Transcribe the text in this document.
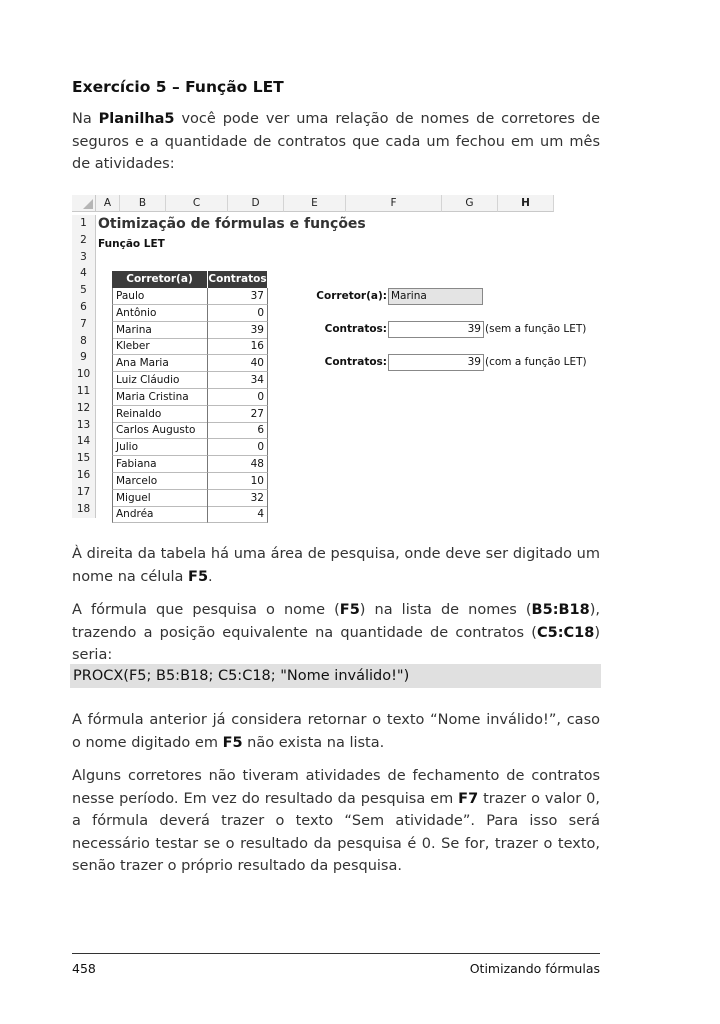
Exercício 5 – Função LET
Na Planilha5 você pode ver uma relação de nomes de corretores de seguros e a quantidade de contratos que cada um fechou em um mês de atividades:
A	B	C	D	E	F	G	H
1
2
3
4
5
6
7
8
9
10
11
12
13
14
15
16
17
18
Otimização de fórmulas e funções
Função LET
Corretor(a)	Contratos
Paulo	37
Antônio	0
Marina	39
Kleber	16
Ana Maria	40
Luiz Cláudio	34
Maria Cristina	0
Reinaldo	27
Carlos Augusto	6
Julio	0
Fabiana	48
Marcelo	10
Miguel	32
Andréa	4
Corretor(a): Marina
Contratos:	39 (sem a função LET)
Contratos:	39 (com a função LET)
À direita da tabela há uma área de pesquisa, onde deve ser digitado um nome na célula F5.
A fórmula que pesquisa o nome (F5) na lista de nomes (B5:B18), trazendo a posição equivalente na quantidade de contratos (C5:C18) seria:
PROCX(F5; B5:B18; C5:C18; "Nome inválido!")
A fórmula anterior já considera retornar o texto “Nome inválido!”, caso o nome digitado em F5 não exista na lista.
Alguns corretores não tiveram atividades de fechamento de contratos nesse período. Em vez do resultado da pesquisa em F7 trazer o valor 0, a fórmula deverá trazer o texto “Sem atividade”. Para isso será necessário testar se o resultado da pesquisa é 0. Se for, trazer o texto, senão trazer o próprio resultado da pesquisa.
458	Otimizando fórmulas
